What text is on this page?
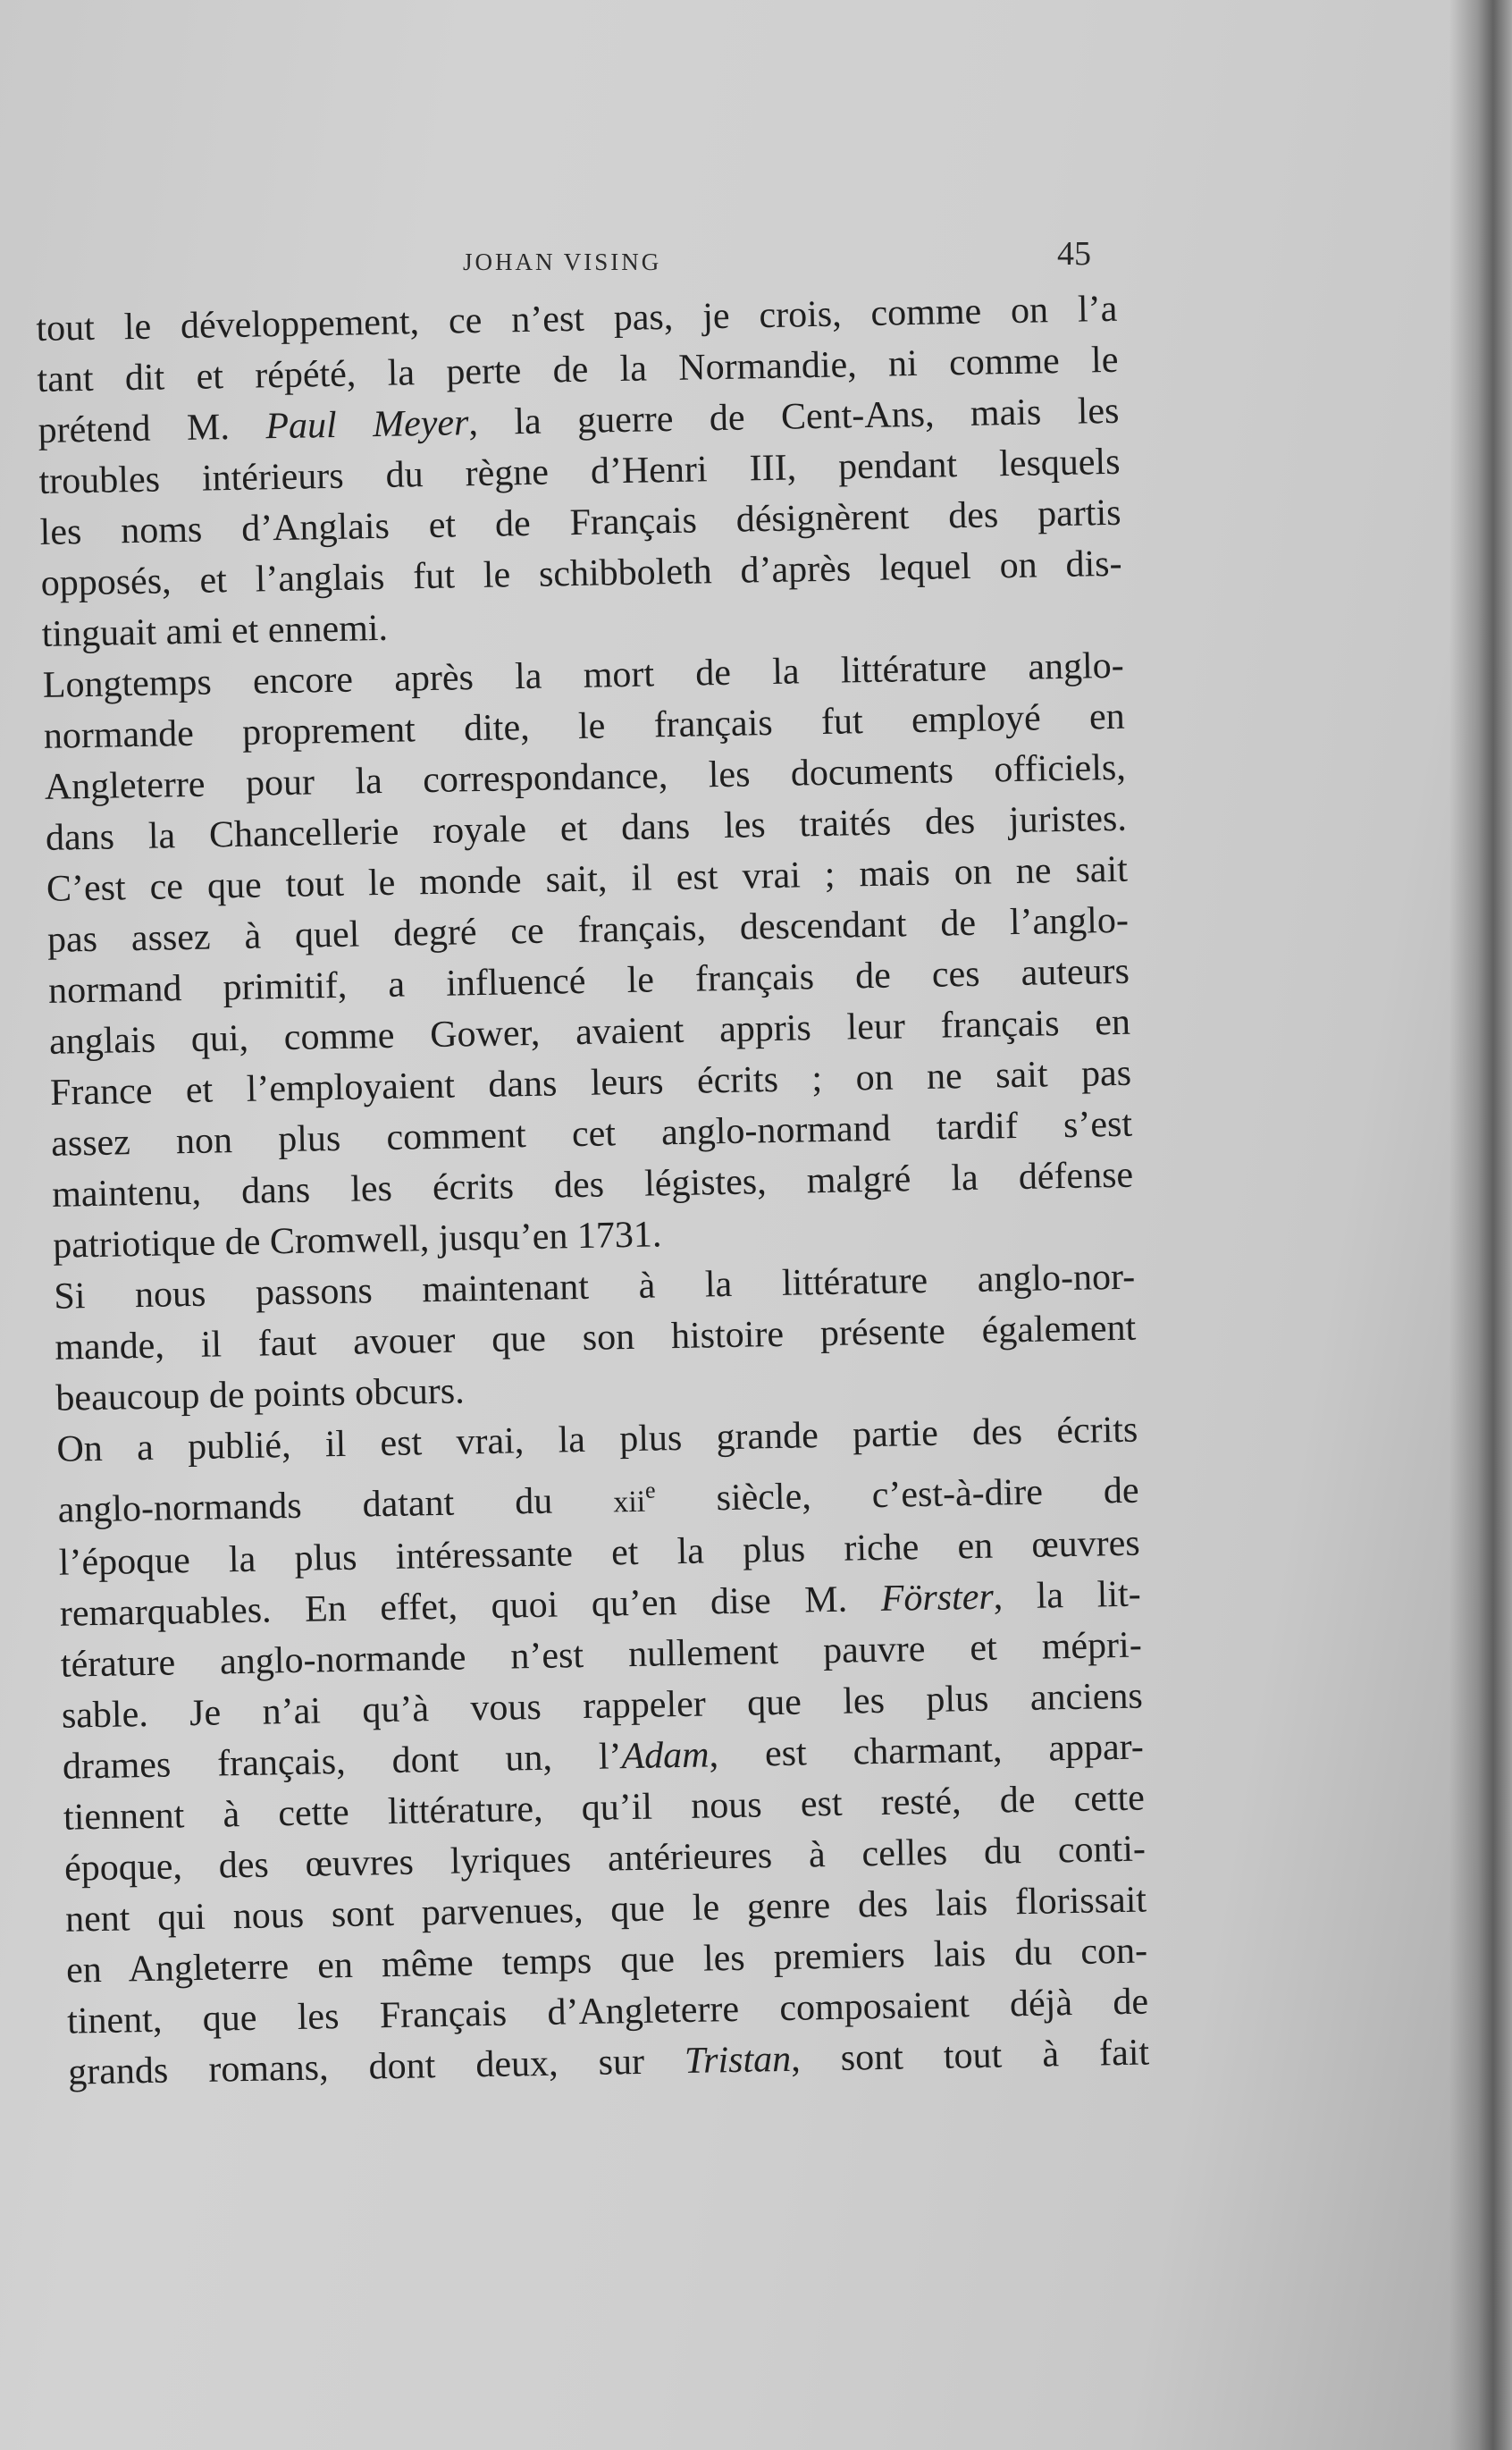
JOHAN VISING	45

tout le développement, ce n’est pas, je crois, comme on l’a

tant dit et répété, la perte de la Normandie, ni comme le

prétend M. Paul Meyer, la guerre de Cent-Ans, mais les

troubles intérieurs du règne d’Henri III, pendant lesquels

les noms d’Anglais et de Français désignèrent des partis

opposés, et l’anglais fut le schibboleth d’après lequel on dis-

tinguait ami et ennemi.

Longtemps encore après la mort de la littérature anglo-

normande proprement dite, le français fut employé en

Angleterre pour la correspondance, les documents officiels,

dans la Chancellerie royale et dans les traités des juristes.

C’est ce que tout le monde sait, il est vrai ; mais on ne sait

pas assez à quel degré ce français, descendant de l’anglo-

normand primitif, a influencé le français de ces auteurs

anglais qui, comme Gower, avaient appris leur français en

France et l’employaient dans leurs écrits ; on ne sait pas

assez non plus comment cet anglo-normand tardif s’est

maintenu, dans les écrits des légistes, malgré la défense

patriotique de Cromwell, jusqu’en 1731.

Si nous passons maintenant à la littérature anglo-nor-

mande, il faut avouer que son histoire présente également

beaucoup de points obcurs.

On a publié, il est vrai, la plus grande partie des écrits

anglo-normands datant du xii$^e$ siècle, c’est-à-dire de

l’époque la plus intéressante et la plus riche en œuvres

remarquables. En effet, quoi qu’en dise M. Förster, la lit-

térature anglo-normande n’est nullement pauvre et mépri-

sable. Je n’ai qu’à vous rappeler que les plus anciens

drames français, dont un, l’Adam, est charmant, appar-

tiennent à cette littérature, qu’il nous est resté, de cette

époque, des œuvres lyriques antérieures à celles du conti-

nent qui nous sont parvenues, que le genre des lais florissait

en Angleterre en même temps que les premiers lais du con-

tinent, que les Français d’Angleterre composaient déjà de

grands romans, dont deux, sur Tristan, sont tout à fait
